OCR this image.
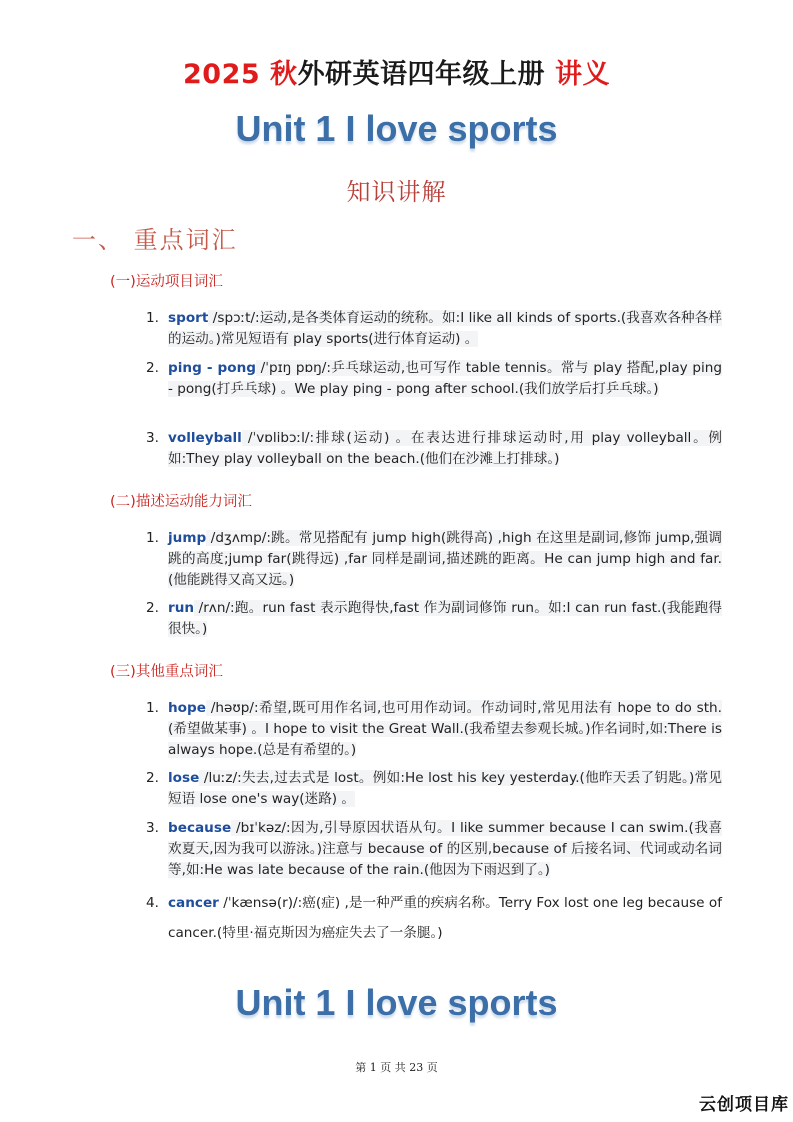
2025 秋外研英语四年级上册 讲义
Unit 1 I love sports
知识讲解
一、 重点词汇
(一)运动项目词汇
1. sport /spɔːt/:运动,是各类体育运动的统称。如:I like all kinds of sports.(我喜欢各种各样的运动。)常见短语有 play sports(进行体育运动) 。
2. ping - pong /ˈpɪŋ pɒŋ/:乒乓球运动,也可写作 table tennis。常与 play 搭配,play ping - pong(打乒乓球) 。We play ping - pong after school.(我们放学后打乒乓球。)
3. volleyball /ˈvɒlibɔːl/:排球(运动) 。在表达进行排球运动时,用 play volleyball。例如:They play volleyball on the beach.(他们在沙滩上打排球。)
(二)描述运动能力词汇
1. jump /dʒʌmp/:跳。常见搭配有 jump high(跳得高) ,high 在这里是副词,修饰 jump,强调跳的高度;jump far(跳得远) ,far 同样是副词,描述跳的距离。He can jump high and far.(他能跳得又高又远。)
2. run /rʌn/:跑。run fast 表示跑得快,fast 作为副词修饰 run。如:I can run fast.(我能跑得很快。)
(三)其他重点词汇
1. hope /həʊp/:希望,既可用作名词,也可用作动词。作动词时,常见用法有 hope to do sth.(希望做某事) 。I hope to visit the Great Wall.(我希望去参观长城。)作名词时,如:There is always hope.(总是有希望的。)
2. lose /luːz/:失去,过去式是 lost。例如:He lost his key yesterday.(他昨天丢了钥匙。)常见短语 lose one's way(迷路) 。
3. because /bɪˈkəz/:因为,引导原因状语从句。I like summer because I can swim.(我喜欢夏天,因为我可以游泳。)注意与 because of 的区别,because of 后接名词、代词或动名词等,如:He was late because of the rain.(他因为下雨迟到了。)
4. cancer /ˈkænsə(r)/:癌(症) ,是一种严重的疾病名称。Terry Fox lost one leg because of cancer.(特里·福克斯因为癌症失去了一条腿。)
Unit 1 I love sports
第 1 页 共 23 页
云创项目库
